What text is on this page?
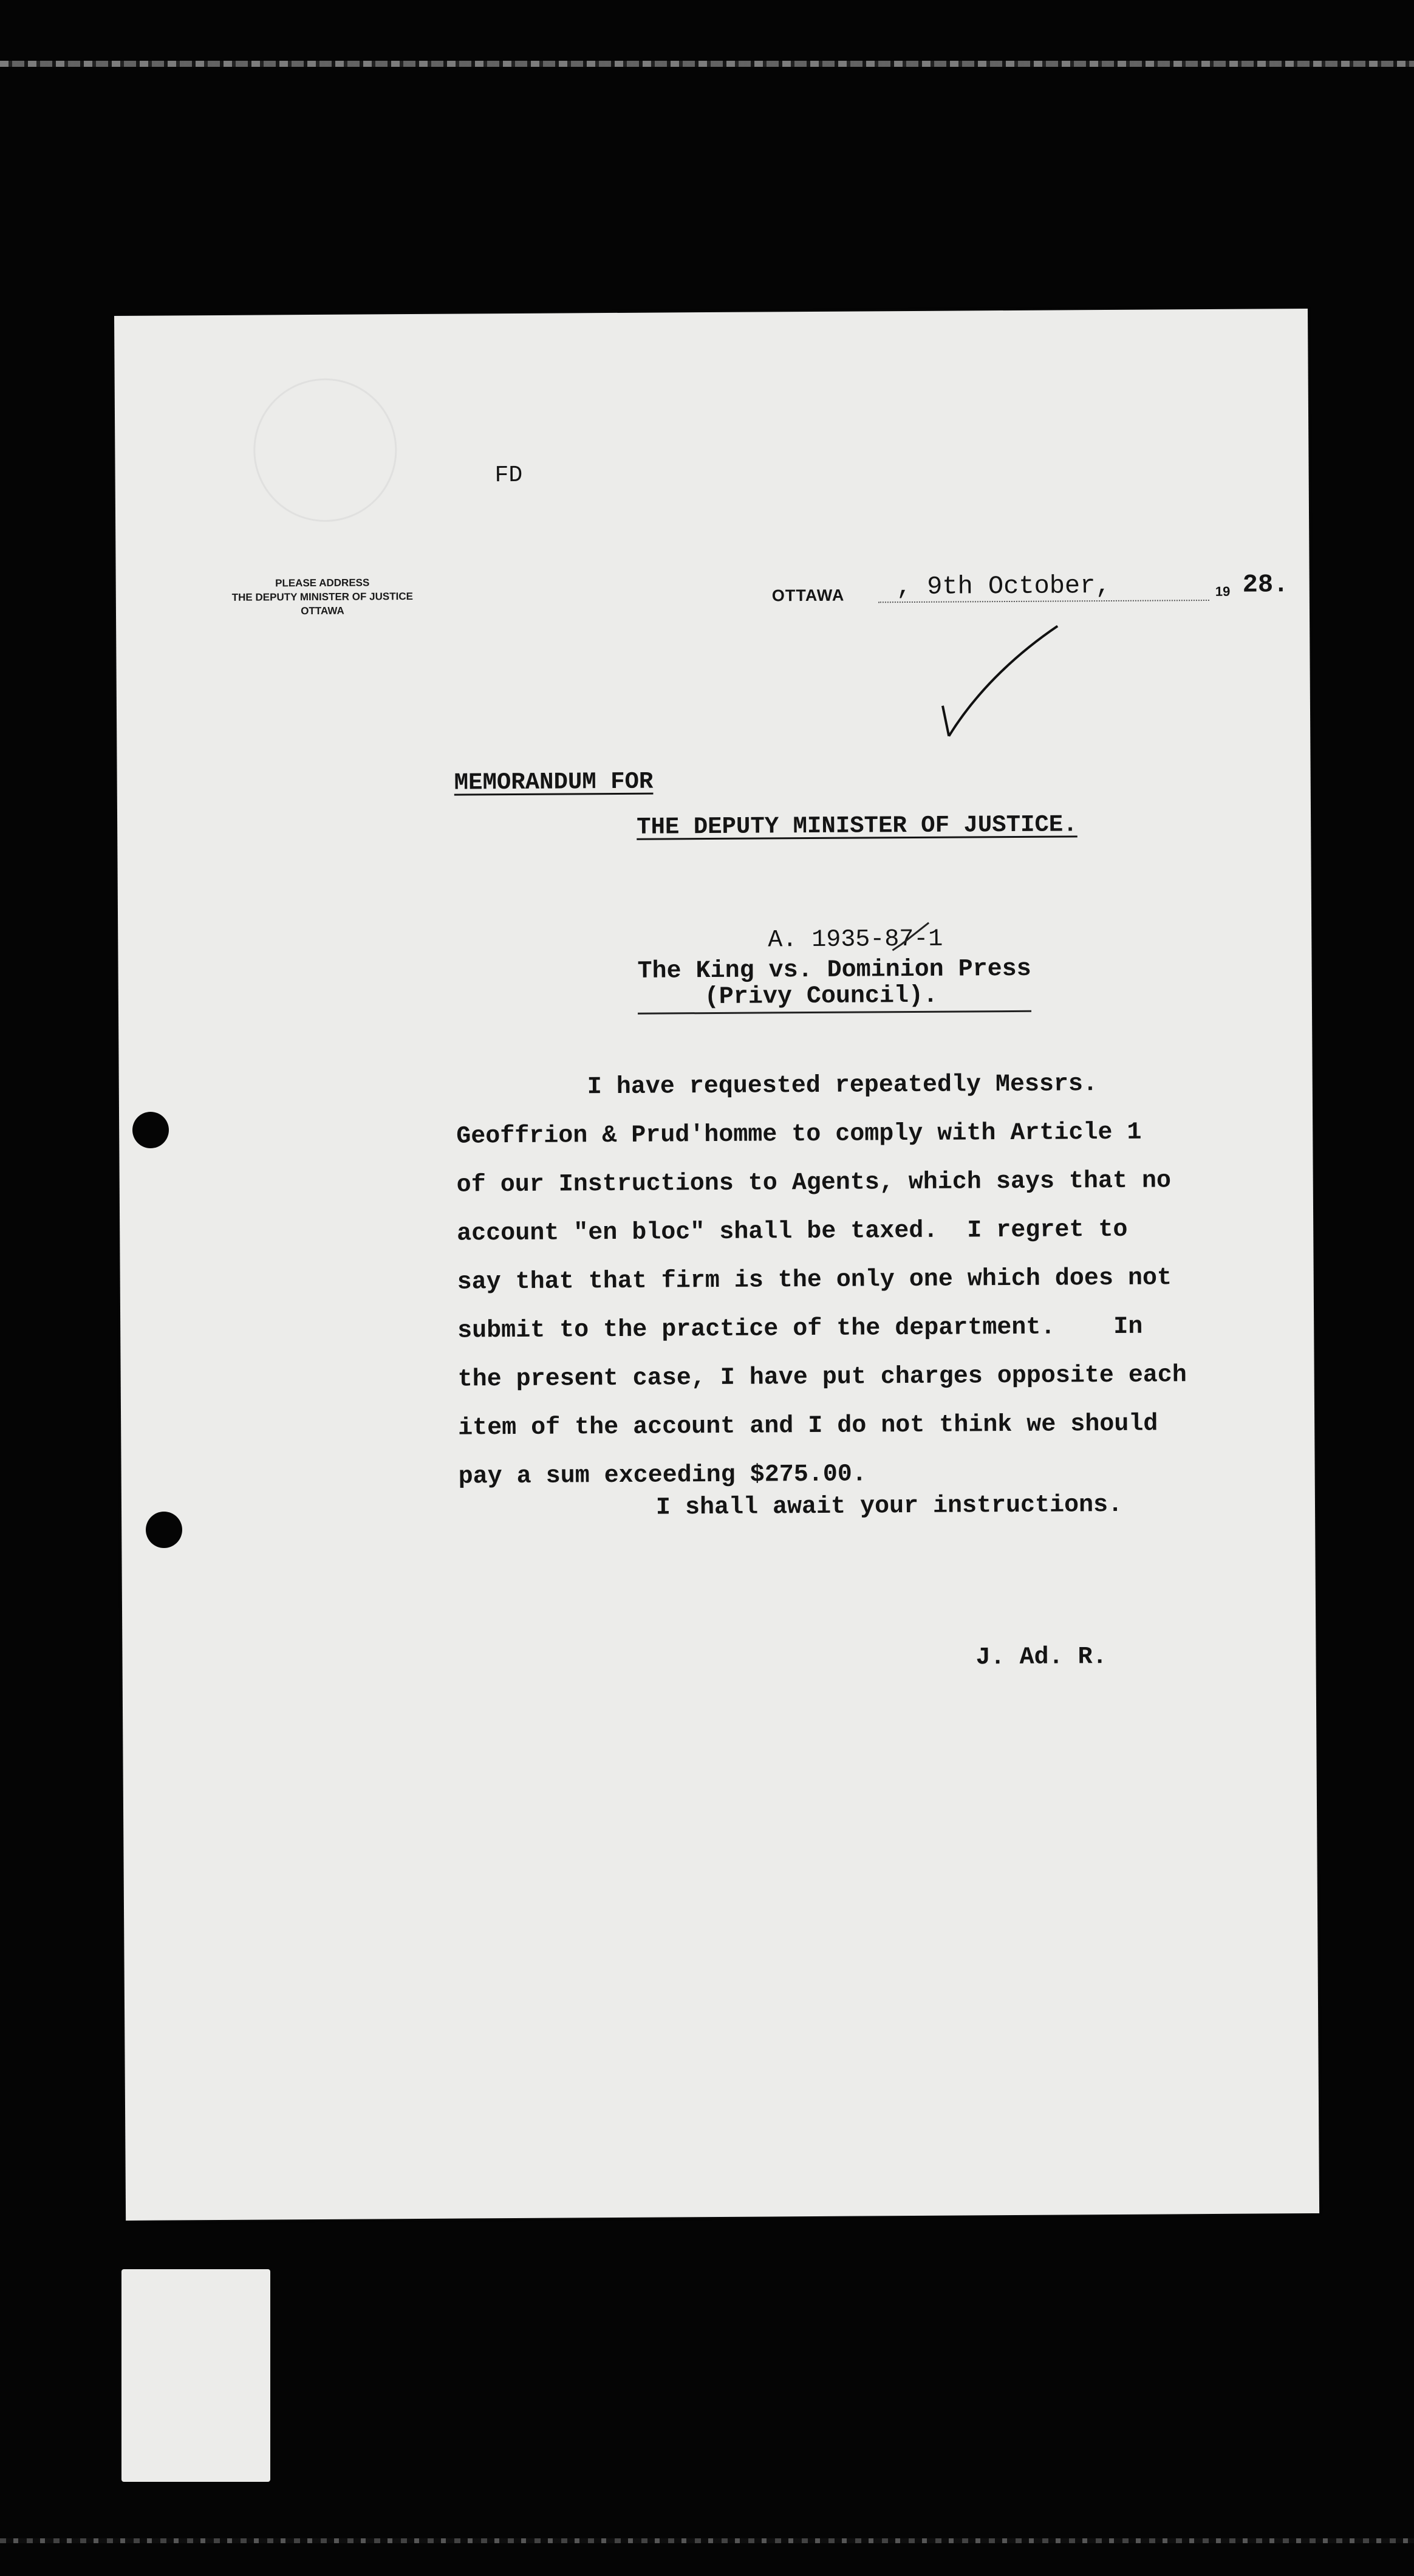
FD
PLEASE ADDRESS
THE DEPUTY MINISTER OF JUSTICE
OTTAWA
OTTAWA , 9th October,	19 28.
MEMORANDUM FOR
THE DEPUTY MINISTER OF JUSTICE.
A. 1935-87-1
The King vs. Dominion Press
(Privy Council).
I have requested repeatedly Messrs.
Geoffrion & Prud'homme to comply with Article 1
of our Instructions to Agents, which says that no
account "en bloc" shall be taxed.  I regret to
say that that firm is the only one which does not
submit to the practice of the department.    In
the present case, I have put charges opposite each
item of the account and I do not think we should
pay a sum exceeding $275.00.
I shall await your instructions.
J. Ad. R.
